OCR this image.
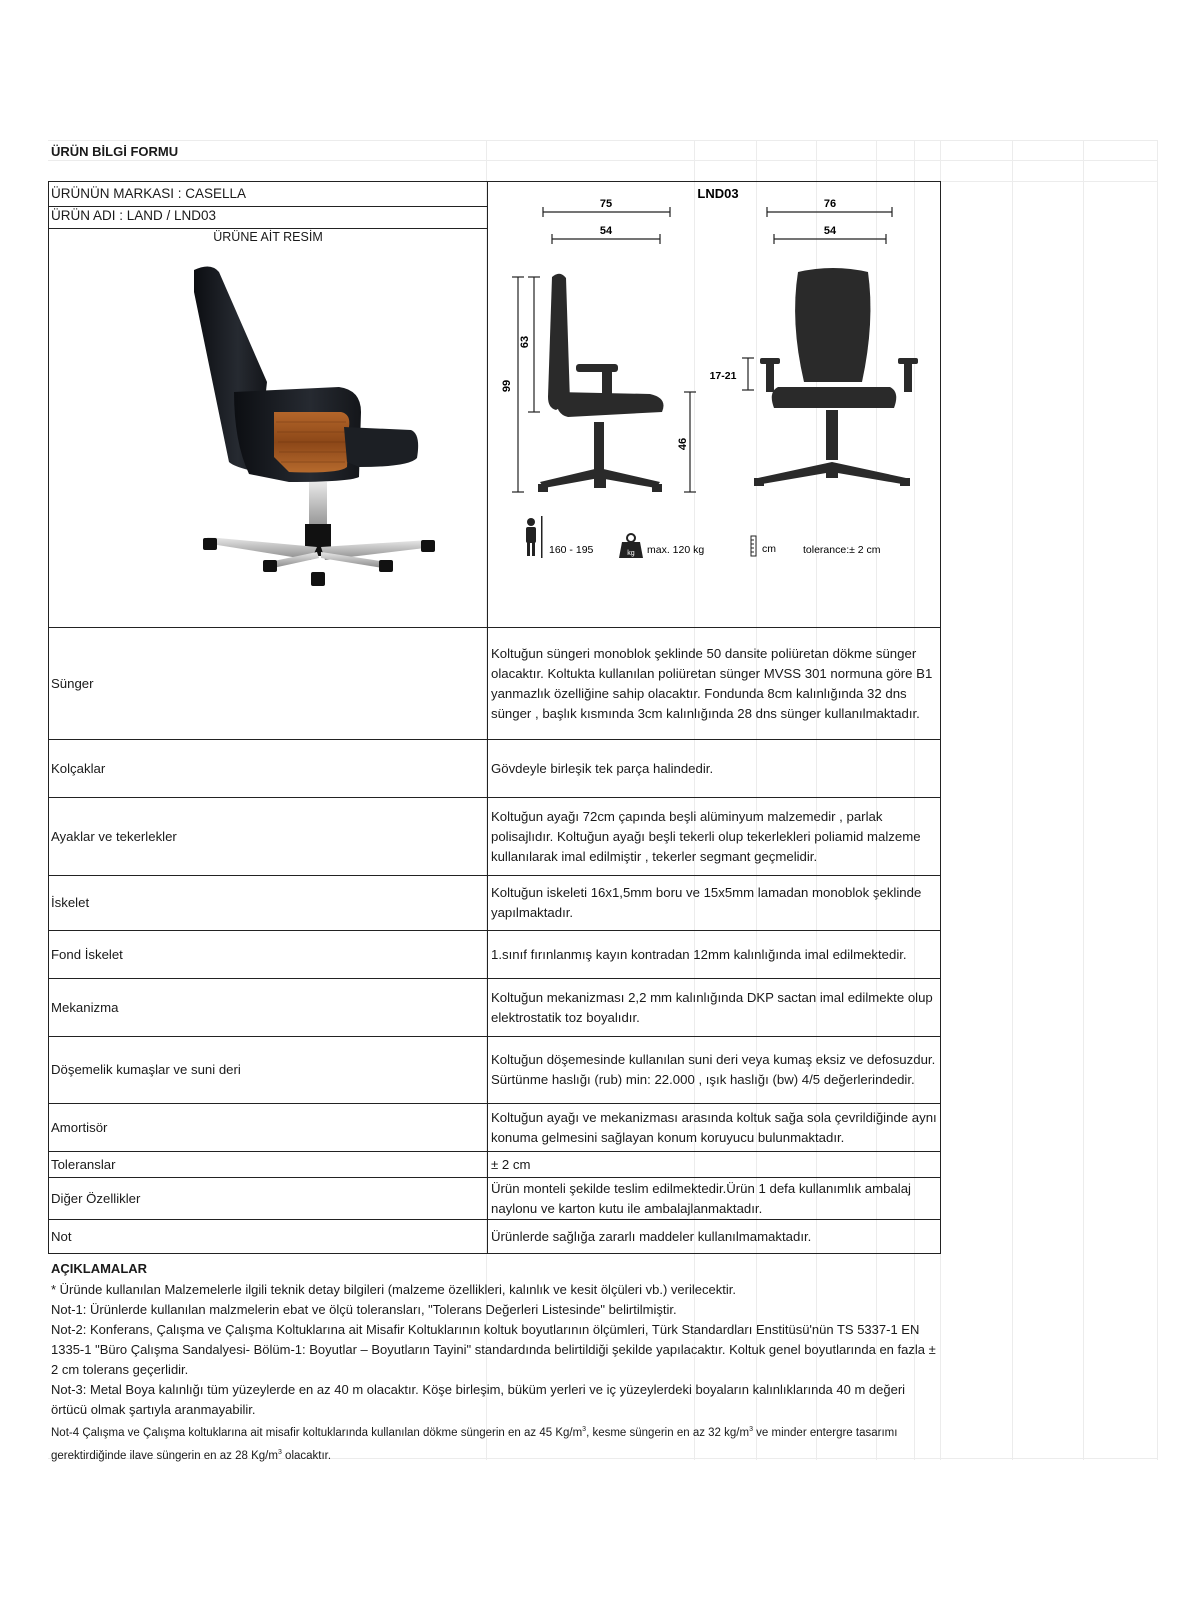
ÜRÜN BİLGİ FORMU
ÜRÜNÜN MARKASI : CASELLA
ÜRÜN ADI : LAND / LND03
ÜRÜNE AİT RESİM
LND03
75
54
76
54
99
63
46
17-21
160 - 195	kg max. 120 kg	cm	tolerance:± 2 cm
Sünger	Koltuğun süngeri monoblok şeklinde 50 dansite poliüretan dökme sünger olacaktır. Koltukta kullanılan poliüretan sünger MVSS 301 normuna göre B1 yanmazlık özelliğine sahip olacaktır. Fondunda 8cm kalınlığında 32 dns sünger , başlık kısmında 3cm kalınlığında 28 dns sünger kullanılmaktadır.
Kolçaklar	Gövdeyle birleşik tek parça halindedir.
Ayaklar ve tekerlekler	Koltuğun ayağı 72cm çapında beşli alüminyum malzemedir , parlak polisajlıdır. Koltuğun ayağı beşli tekerli olup tekerlekleri poliamid malzeme kullanılarak imal edilmiştir , tekerler segmant geçmelidir.
İskelet	Koltuğun iskeleti 16x1,5mm boru ve 15x5mm lamadan monoblok şeklinde yapılmaktadır.
Fond İskelet	1.sınıf fırınlanmış kayın kontradan 12mm kalınlığında imal edilmektedir.
Mekanizma	Koltuğun mekanizması 2,2 mm kalınlığında DKP sactan imal edilmekte olup elektrostatik toz boyalıdır.
Döşemelik kumaşlar ve suni deri	Koltuğun döşemesinde kullanılan suni deri veya kumaş eksiz ve defosuzdur. Sürtünme haslığı (rub) min: 22.000 , ışık haslığı (bw) 4/5 değerlerindedir.
Amortisör	Koltuğun ayağı ve mekanizması arasında koltuk sağa sola çevrildiğinde aynı konuma gelmesini sağlayan konum koruyucu bulunmaktadır.
Toleranslar	± 2 cm
Diğer Özellikler	Ürün monteli şekilde teslim edilmektedir.Ürün 1 defa kullanımlık ambalaj naylonu ve karton kutu ile ambalajlanmaktadır.
Not	Ürünlerde sağlığa zararlı maddeler kullanılmamaktadır.
AÇIKLAMALAR

* Üründe kullanılan Malzemelerle ilgili teknik detay bilgileri (malzeme özellikleri, kalınlık ve kesit ölçüleri vb.) verilecektir.

Not-1: Ürünlerde kullanılan malzmelerin ebat ve ölçü toleransları, "Tolerans Değerleri Listesinde" belirtilmiştir.

Not-2: Konferans, Çalışma ve Çalışma Koltuklarına ait Misafir Koltuklarının koltuk boyutlarının ölçümleri, Türk Standardları Enstitüsü'nün TS 5337-1 EN 1335-1 "Büro Çalışma Sandalyesi- Bölüm-1: Boyutlar – Boyutların Tayini" standardında belirtildiği şekilde yapılacaktır. Koltuk genel boyutlarında en fazla ± 2 cm tolerans geçerlidir.

Not-3: Metal Boya kalınlığı tüm yüzeylerde en az 40 m olacaktır. Köşe birleşim, büküm yerleri ve iç yüzeylerdeki boyaların kalınlıklarında 40 m değeri örtücü olmak şartıyla aranmayabilir.

Not-4 Çalışma ve Çalışma koltuklarına ait misafir koltuklarında kullanılan dökme süngerin en az 45 $Kg/m^3$, kesme süngerin en az 32 $kg/m^3$ ve minder entergre tasarımı gerektirdiğinde ilave süngerin en az 28 $Kg/m^3$ olacaktır.
